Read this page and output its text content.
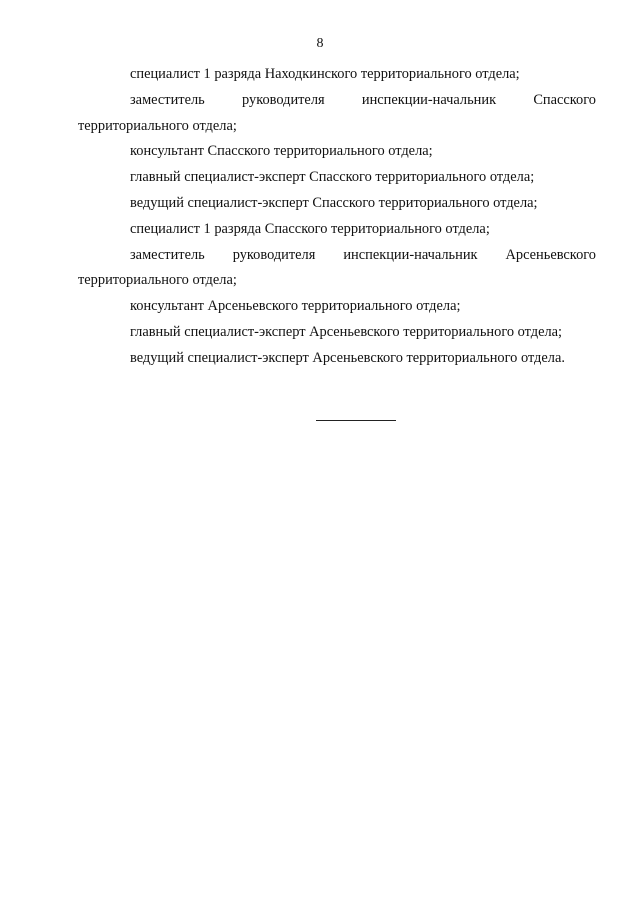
8

специалист 1 разряда Находкинского территориального отдела;

заместитель руководителя инспекции-начальник Спасского территориального отдела;

консультант Спасского территориального отдела;

главный специалист-эксперт Спасского территориального отдела;

ведущий специалист-эксперт Спасского территориального отдела;

специалист 1 разряда Спасского территориального отдела;

заместитель руководителя инспекции-начальник Арсеньевского территориального отдела;

консультант Арсеньевского территориального отдела;

главный специалист-эксперт Арсеньевского территориального отдела;

ведущий специалист-эксперт Арсеньевского территориального отдела.
